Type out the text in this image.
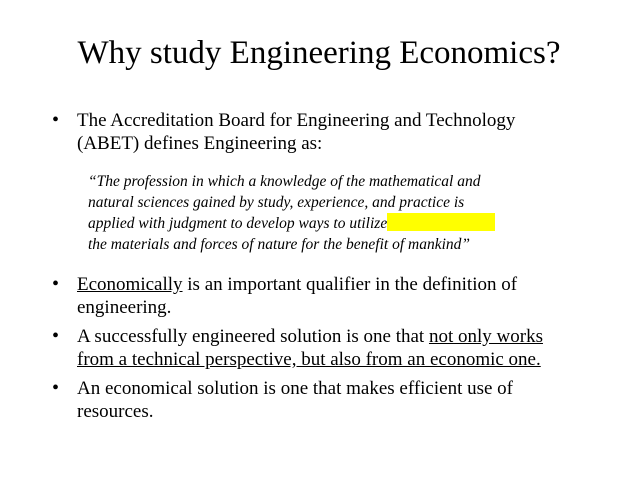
Why study Engineering Economics?
• The Accreditation Board for Engineering and Technology
(ABET) defines Engineering as:
“The profession in which a knowledge of the mathematical and
natural sciences gained by study, experience, and practice is
applied with judgment to develop ways to utilize
the materials and forces of nature for the benefit of mankind”
• Economically is an important qualifier in the definition of
engineering.
• A successfully engineered solution is one that not only works
from a technical perspective, but also from an economic one.
• An economical solution is one that makes efficient use of
resources.
